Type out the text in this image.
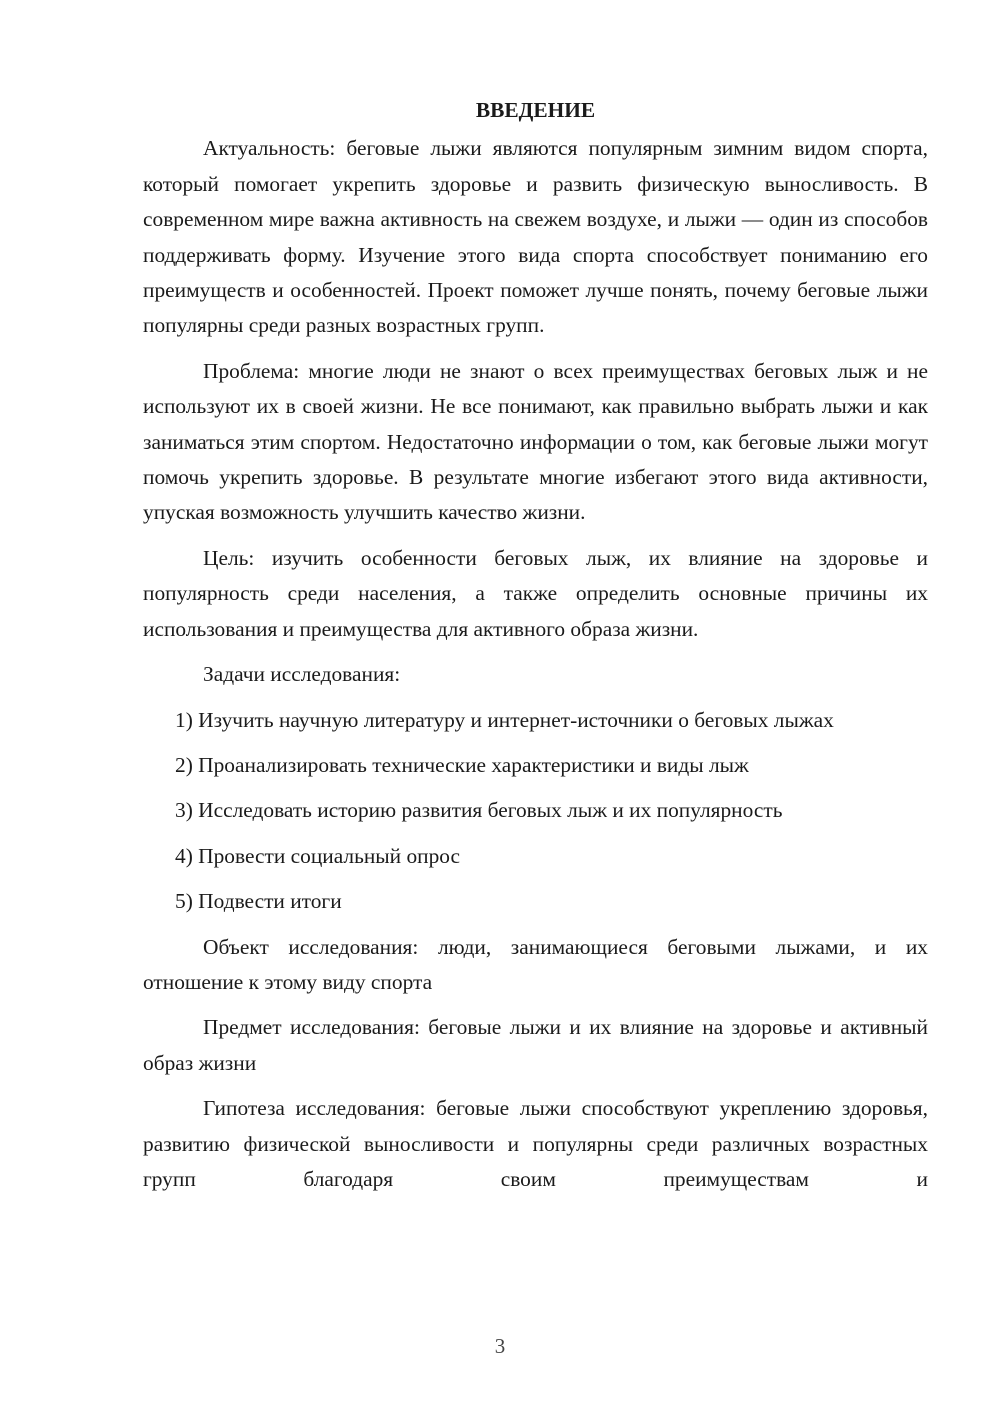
ВВЕДЕНИЕ

Актуальность: беговые лыжи являются популярным зимним видом спорта, который помогает укрепить здоровье и развить физическую выносливость. В современном мире важна активность на свежем воздухе, и лыжи — один из способов поддерживать форму. Изучение этого вида спорта способствует пониманию его преимуществ и особенностей. Проект поможет лучше понять, почему беговые лыжи популярны среди разных возрастных групп.

Проблема: многие люди не знают о всех преимуществах беговых лыж и не используют их в своей жизни. Не все понимают, как правильно выбрать лыжи и как заниматься этим спортом. Недостаточно информации о том, как беговые лыжи могут помочь укрепить здоровье. В результате многие избегают этого вида активности, упуская возможность улучшить качество жизни.

Цель: изучить особенности беговых лыж, их влияние на здоровье и популярность среди населения, а также определить основные причины их использования и преимущества для активного образа жизни.

Задачи исследования:

1) Изучить научную литературу и интернет-источники о беговых лыжах

2) Проанализировать технические характеристики и виды лыж

3) Исследовать историю развития беговых лыж и их популярность

4) Провести социальный опрос

5) Подвести итоги

Объект исследования: люди, занимающиеся беговыми лыжами, и их отношение к этому виду спорта

Предмет исследования: беговые лыжи и их влияние на здоровье и активный образ жизни

Гипотеза исследования: беговые лыжи способствуют укреплению здоровья, развитию физической выносливости и популярны среди различных возрастных групп благодаря своим преимуществам и

3
